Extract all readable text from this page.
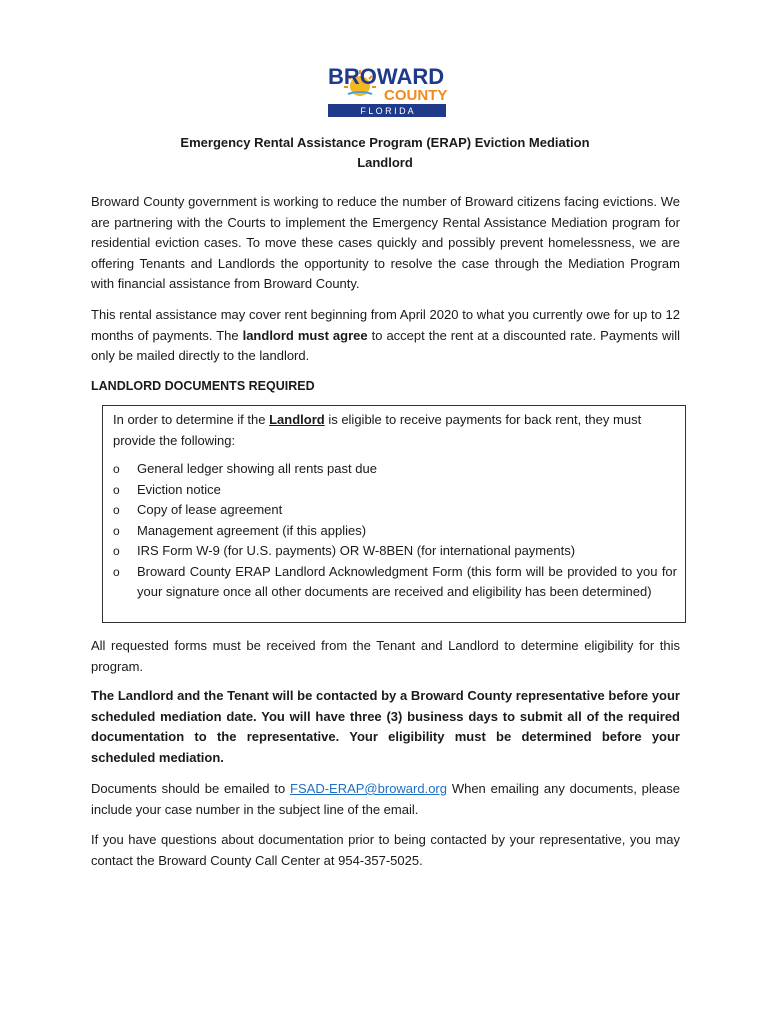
BROWARD
COUNTY
F L O R I D A
Emergency Rental Assistance Program (ERAP) Eviction Mediation
Landlord
Broward County government is working to reduce the number of Broward citizens facing evictions. We are partnering with the Courts to implement the Emergency Rental Assistance Mediation program for residential eviction cases. To move these cases quickly and possibly prevent homelessness, we are offering Tenants and Landlords the opportunity to resolve the case through the Mediation Program with financial assistance from Broward County.
This rental assistance may cover rent beginning from April 2020 to what you currently owe for up to 12 months of payments. The landlord must agree to accept the rent at a discounted rate. Payments will only be mailed directly to the landlord.
LANDLORD DOCUMENTS REQUIRED
In order to determine if the Landlord is eligible to receive payments for back rent, they must provide the following:
o General ledger showing all rents past due
o Eviction notice
o Copy of lease agreement
o Management agreement (if this applies)
o IRS Form W-9 (for U.S. payments) OR W-8BEN (for international payments)
o Broward County ERAP Landlord Acknowledgment Form (this form will be provided to you for your signature once all other documents are received and eligibility has been determined)
All requested forms must be received from the Tenant and Landlord to determine eligibility for this program.
The Landlord and the Tenant will be contacted by a Broward County representative before your scheduled mediation date. You will have three (3) business days to submit all of the required documentation to the representative. Your eligibility must be determined before your scheduled mediation.
Documents should be emailed to FSAD-ERAP@broward.org When emailing any documents, please include your case number in the subject line of the email.
If you have questions about documentation prior to being contacted by your representative, you may contact the Broward County Call Center at 954-357-5025.
